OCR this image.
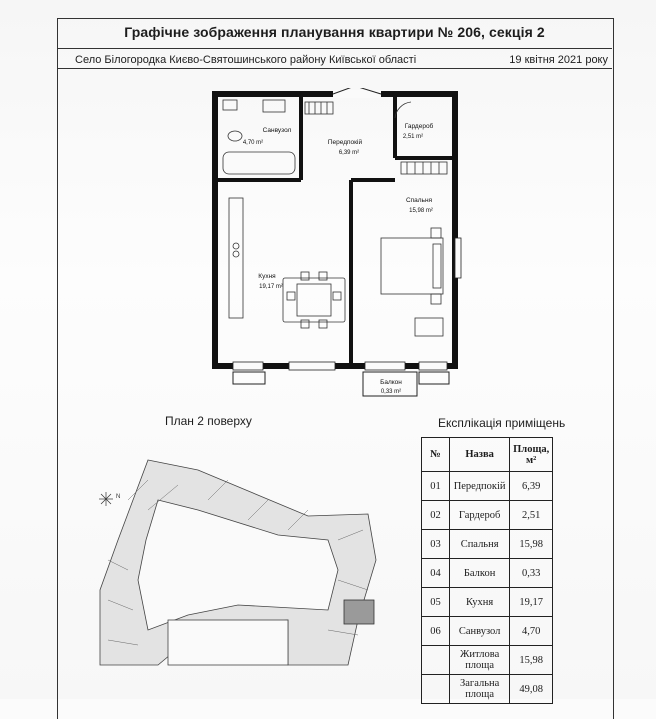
Графічне зображення планування квартири № 206, секція 2
Село Білогородка Києво-Святошинського району Київської області	19 квітня 2021 року
Санвузол
4,70 m²	Передпокій
6,39 m²
Гардероб
2,51 m²
Спальня
15,98 m²
Кухня
19,17 m²
Балкон
0,33 m²
План 2 поверху	Експлікація приміщень
N
№	Назва	Площа, м²
01	Передпокій	6,39
02	Гардероб	2,51
03	Спальня	15,98
04	Балкон	0,33
05	Кухня	19,17
06	Санвузол	4,70
	Житлова площа	15,98
	Загальна площа	49,08
